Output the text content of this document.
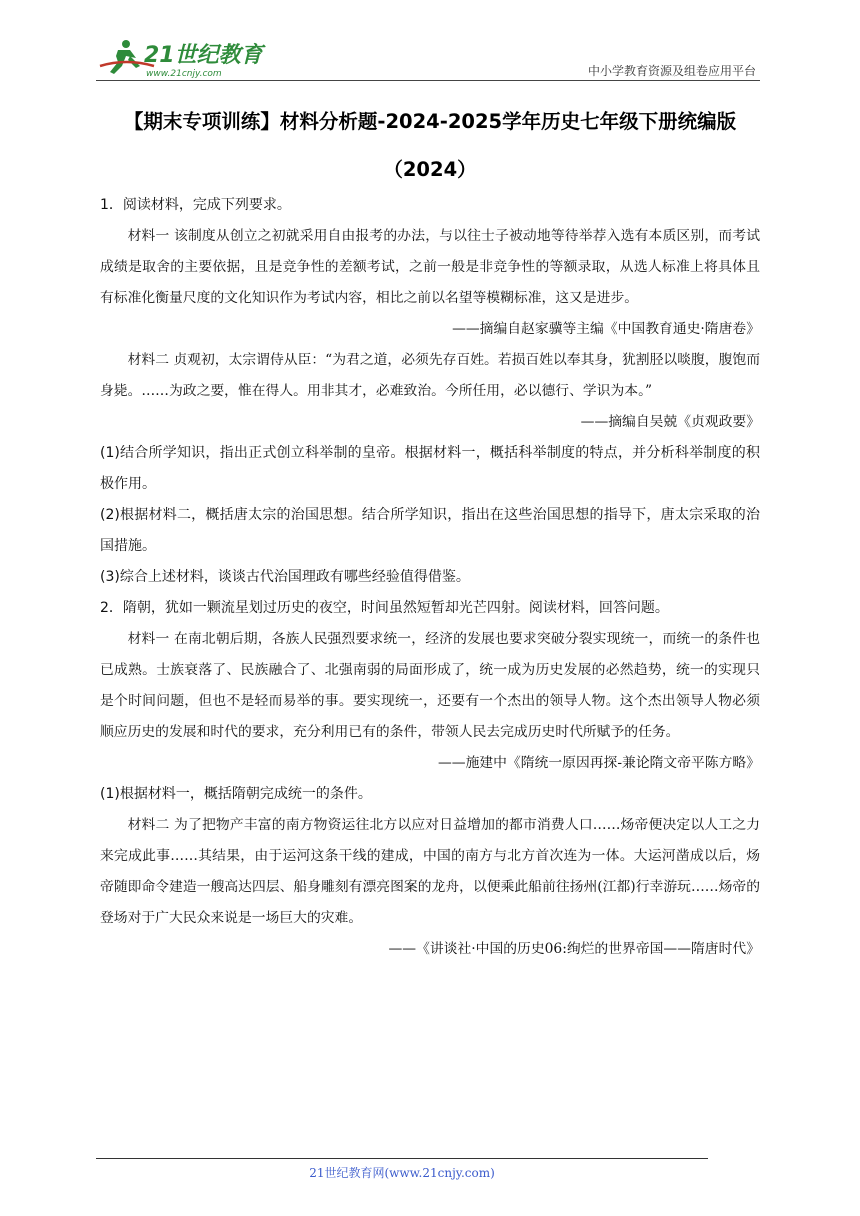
21世纪教育
www.21cnjy.com	中小学教育资源及组卷应用平台
【期末专项训练】材料分析题-2024-2025学年历史七年级下册统编版
（2024）

1．阅读材料，完成下列要求。

材料一 该制度从创立之初就采用自由报考的办法，与以往士子被动地等待举荐入选有本质区别，而考试成绩是取舍的主要依据，且是竞争性的差额考试，之前一般是非竞争性的等额录取，从选人标准上将具体且有标准化衡量尺度的文化知识作为考试内容，相比之前以名望等模糊标准，这又是进步。

——摘编自赵家骥等主编《中国教育通史·隋唐卷》

材料二 贞观初，太宗谓侍从臣：“为君之道，必须先存百姓。若损百姓以奉其身，犹割胫以啖腹，腹饱而身毙。……为政之要，惟在得人。用非其才，必难致治。今所任用，必以德行、学识为本。”

——摘编自吴兢《贞观政要》

(1)结合所学知识，指出正式创立科举制的皇帝。根据材料一，概括科举制度的特点，并分析科举制度的积极作用。

(2)根据材料二，概括唐太宗的治国思想。结合所学知识，指出在这些治国思想的指导下，唐太宗采取的治国措施。

(3)综合上述材料，谈谈古代治国理政有哪些经验值得借鉴。

2．隋朝，犹如一颗流星划过历史的夜空，时间虽然短暂却光芒四射。阅读材料，回答问题。

材料一 在南北朝后期，各族人民强烈要求统一，经济的发展也要求突破分裂实现统一，而统一的条件也已成熟。士族衰落了、民族融合了、北强南弱的局面形成了，统一成为历史发展的必然趋势，统一的实现只是个时间问题，但也不是轻而易举的事。要实现统一，还要有一个杰出的领导人物。这个杰出领导人物必须顺应历史的发展和时代的要求，充分利用已有的条件，带领人民去完成历史时代所赋予的任务。

——施建中《隋统一原因再探-兼论隋文帝平陈方略》

(1)根据材料一，概括隋朝完成统一的条件。

材料二 为了把物产丰富的南方物资运往北方以应对日益增加的都市消费人口……炀帝便决定以人工之力来完成此事……其结果，由于运河这条干线的建成，中国的南方与北方首次连为一体。大运河凿成以后，炀帝随即命令建造一艘高达四层、船身雕刻有漂亮图案的龙舟，以便乘此船前往扬州(江都)行幸游玩……炀帝的登场对于广大民众来说是一场巨大的灾难。

——《讲谈社·中国的历史06:绚烂的世界帝国——隋唐时代》

21世纪教育网(www.21cnjy.com)
